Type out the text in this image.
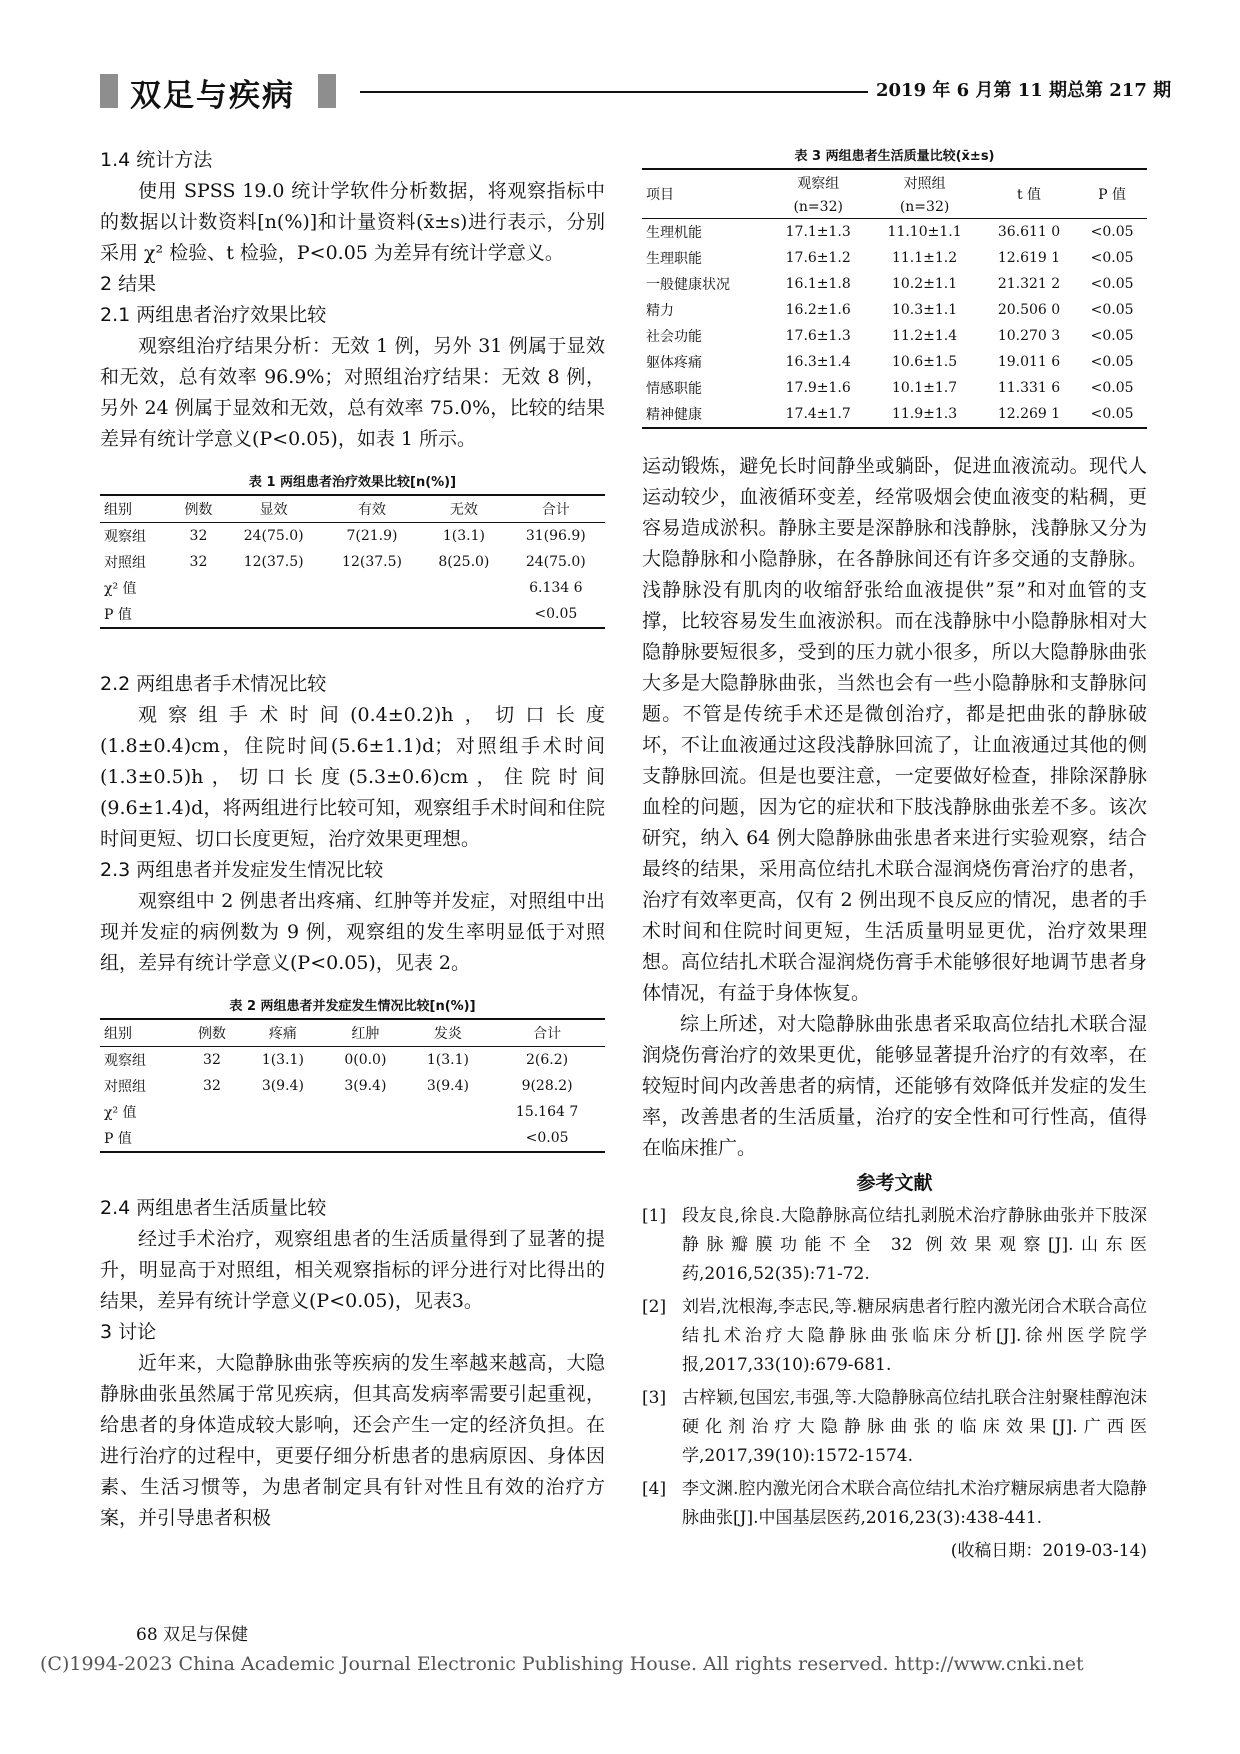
双足与疾病	2019 年 6 月第 11 期总第 217 期

1.4 统计方法

使用 SPSS 19.0 统计学软件分析数据，将观察指标中的数据以计数资料[n(%)]和计量资料(x̄±s)进行表示，分别采用 χ² 检验、t 检验，P<0.05 为差异有统计学意义。

2 结果

2.1 两组患者治疗效果比较

观察组治疗结果分析：无效 1 例，另外 31 例属于显效和无效，总有效率 96.9%；对照组治疗结果：无效 8 例，另外 24 例属于显效和无效，总有效率 75.0%，比较的结果差异有统计学意义(P<0.05)，如表 1 所示。

表 1 两组患者治疗效果比较[n(%)]
组别	例数	显效	有效	无效	合计
观察组	32	24(75.0)	7(21.9)	1(3.1)	31(96.9)
对照组	32	12(37.5)	12(37.5)	8(25.0)	24(75.0)
χ² 值					6.134 6
P 值					<0.05

2.2 两组患者手术情况比较

观察组手术时间(0.4±0.2)h，切口长度(1.8±0.4)cm，住院时间(5.6±1.1)d；对照组手术时间(1.3±0.5)h，切口长度(5.3±0.6)cm，住院时间(9.6±1.4)d，将两组进行比较可知，观察组手术时间和住院时间更短、切口长度更短，治疗效果更理想。

2.3 两组患者并发症发生情况比较

观察组中 2 例患者出疼痛、红肿等并发症，对照组中出现并发症的病例数为 9 例，观察组的发生率明显低于对照组，差异有统计学意义(P<0.05)，见表 2。

表 2 两组患者并发症发生情况比较[n(%)]
组别	例数	疼痛	红肿	发炎	合计
观察组	32	1(3.1)	0(0.0)	1(3.1)	2(6.2)
对照组	32	3(9.4)	3(9.4)	3(9.4)	9(28.2)
χ² 值					15.164 7
P 值					<0.05

2.4 两组患者生活质量比较

经过手术治疗，观察组患者的生活质量得到了显著的提升，明显高于对照组，相关观察指标的评分进行对比得出的结果，差异有统计学意义(P<0.05)，见表3。

3 讨论

近年来，大隐静脉曲张等疾病的发生率越来越高，大隐静脉曲张虽然属于常见疾病，但其高发病率需要引起重视，给患者的身体造成较大影响，还会产生一定的经济负担。在进行治疗的过程中，更要仔细分析患者的患病原因、身体因素、生活习惯等，为患者制定具有针对性且有效的治疗方案，并引导患者积极

表 3 两组患者生活质量比较(x̄±s)
项目	观察组	对照组	t 值	P 值
	(n=32)	(n=32)		
生理机能	17.1±1.3	11.10±1.1	36.611 0	<0.05
生理职能	17.6±1.2	11.1±1.2	12.619 1	<0.05
一般健康状况	16.1±1.8	10.2±1.1	21.321 2	<0.05
精力	16.2±1.6	10.3±1.1	20.506 0	<0.05
社会功能	17.6±1.3	11.2±1.4	10.270 3	<0.05
躯体疼痛	16.3±1.4	10.6±1.5	19.011 6	<0.05
情感职能	17.9±1.6	10.1±1.7	11.331 6	<0.05
精神健康	17.4±1.7	11.9±1.3	12.269 1	<0.05

运动锻炼，避免长时间静坐或躺卧，促进血液流动。现代人运动较少，血液循环变差，经常吸烟会使血液变的粘稠，更容易造成淤积。静脉主要是深静脉和浅静脉，浅静脉又分为大隐静脉和小隐静脉，在各静脉间还有许多交通的支静脉。浅静脉没有肌肉的收缩舒张给血液提供”泵”和对血管的支撑，比较容易发生血液淤积。而在浅静脉中小隐静脉相对大隐静脉要短很多，受到的压力就小很多，所以大隐静脉曲张大多是大隐静脉曲张，当然也会有一些小隐静脉和支静脉问题。不管是传统手术还是微创治疗，都是把曲张的静脉破坏，不让血液通过这段浅静脉回流了，让血液通过其他的侧支静脉回流。但是也要注意，一定要做好检查，排除深静脉血栓的问题，因为它的症状和下肢浅静脉曲张差不多。该次研究，纳入 64 例大隐静脉曲张患者来进行实验观察，结合最终的结果，采用高位结扎术联合湿润烧伤膏治疗的患者，治疗有效率更高，仅有 2 例出现不良反应的情况，患者的手术时间和住院时间更短，生活质量明显更优，治疗效果理想。高位结扎术联合湿润烧伤膏手术能够很好地调节患者身体情况，有益于身体恢复。

综上所述，对大隐静脉曲张患者采取高位结扎术联合湿润烧伤膏治疗的效果更优，能够显著提升治疗的有效率，在较短时间内改善患者的病情，还能够有效降低并发症的发生率，改善患者的生活质量，治疗的安全性和可行性高，值得在临床推广。

参考文献
[1] 段友良,徐良.大隐静脉高位结扎剥脱术治疗静脉曲张并下肢深静脉瓣膜功能不全 32 例效果观察[J].山东医药,2016,52(35):71-72.
[2] 刘岩,沈根海,李志民,等.糖尿病患者行腔内激光闭合术联合高位结扎术治疗大隐静脉曲张临床分析[J].徐州医学院学报,2017,33(10):679-681.
[3] 古梓颖,包国宏,韦强,等.大隐静脉高位结扎联合注射聚桂醇泡沫硬化剂治疗大隐静脉曲张的临床效果[J].广西医学,2017,39(10):1572-1574.
[4] 李文渊.腔内激光闭合术联合高位结扎术治疗糖尿病患者大隐静脉曲张[J].中国基层医药,2016,23(3):438-441.
(收稿日期：2019-03-14)
68 双足与保健
(C)1994-2023 China Academic Journal Electronic Publishing House. All rights reserved. http://www.cnki.net
